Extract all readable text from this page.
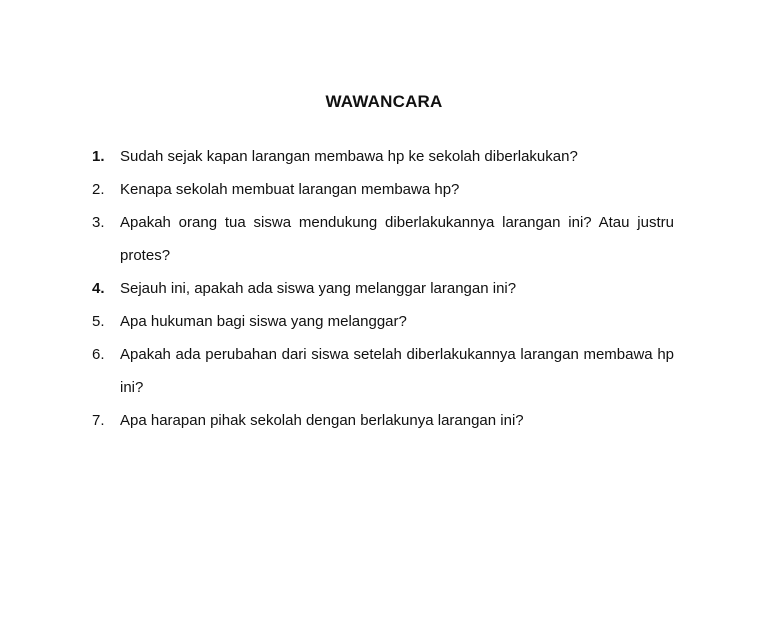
WAWANCARA
1.	Sudah sejak kapan larangan membawa hp ke sekolah diberlakukan?
2.	Kenapa sekolah membuat larangan membawa hp?
3.	Apakah orang tua siswa mendukung diberlakukannya larangan ini? Atau justru protes?
4.	Sejauh ini, apakah ada siswa yang melanggar larangan ini?
5.	Apa hukuman bagi siswa yang melanggar?
6.	Apakah ada perubahan dari siswa setelah diberlakukannya larangan membawa hp ini?
7.	Apa harapan pihak sekolah dengan berlakunya larangan ini?
